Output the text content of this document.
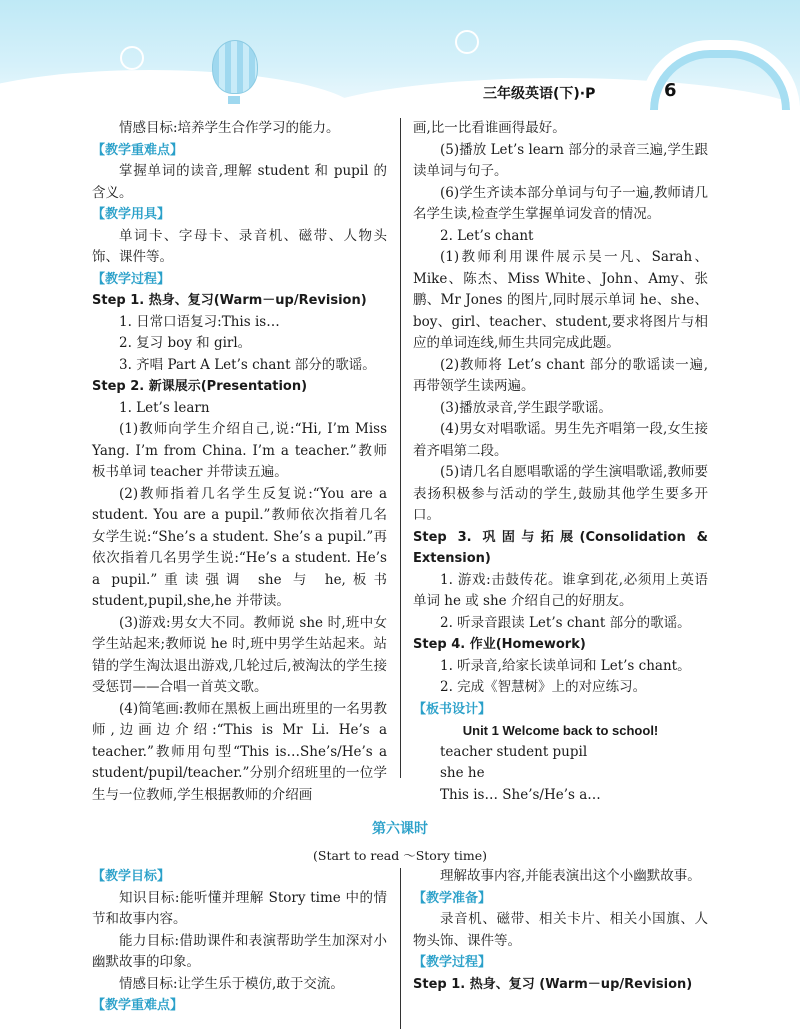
三年级英语(下)·P	6

情感目标:培养学生合作学习的能力。

【教学重难点】

掌握单词的读音,理解 student 和 pupil 的含义。

【教学用具】

单词卡、字母卡、录音机、磁带、人物头饰、课件等。

【教学过程】

Step 1. 热身、复习(Warm－up/Revision)

1. 日常口语复习:This is…

2. 复习 boy 和 girl。

3. 齐唱 Part A Let’s chant 部分的歌谣。

Step 2. 新课展示(Presentation)

1. Let’s learn

(1)教师向学生介绍自己,说:“Hi, I’m Miss Yang. I’m from China. I’m a teacher.”教师板书单词 teacher 并带读五遍。

(2)教师指着几名学生反复说:“You are a student. You are a pupil.”教师依次指着几名女学生说:“She’s a student. She’s a pupil.”再依次指着几名男学生说:“He’s a student. He’s a pupil.”重读强调 she 与 he,板书 student,pupil,she,he 并带读。

(3)游戏:男女大不同。教师说 she 时,班中女学生站起来;教师说 he 时,班中男学生站起来。站错的学生淘汰退出游戏,几轮过后,被淘汰的学生接受惩罚——合唱一首英文歌。

(4)简笔画:教师在黑板上画出班里的一名男教师,边画边介绍:“This is Mr Li. He’s a teacher.”教师用句型“This is…She’s/He’s a student/pupil/teacher.”分别介绍班里的一位学生与一位教师,学生根据教师的介绍画

画,比一比看谁画得最好。

(5)播放 Let’s learn 部分的录音三遍,学生跟读单词与句子。

(6)学生齐读本部分单词与句子一遍,教师请几名学生读,检查学生掌握单词发音的情况。

2. Let’s chant

(1)教师利用课件展示吴一凡、Sarah、Mike、陈杰、Miss White、John、Amy、张鹏、Mr Jones 的图片,同时展示单词 he、she、boy、girl、teacher、student,要求将图片与相应的单词连线,师生共同完成此题。

(2)教师将 Let’s chant 部分的歌谣读一遍,再带领学生读两遍。

(3)播放录音,学生跟学歌谣。

(4)男女对唱歌谣。男生先齐唱第一段,女生接着齐唱第二段。

(5)请几名自愿唱歌谣的学生演唱歌谣,教师要表扬积极参与活动的学生,鼓励其他学生要多开口。

Step 3. 巩固与拓展(Consolidation & Extension)

1. 游戏:击鼓传花。谁拿到花,必须用上英语单词 he 或 she 介绍自己的好朋友。

2. 听录音跟读 Let’s chant 部分的歌谣。

Step 4. 作业(Homework)

1. 听录音,给家长读单词和 Let’s chant。

2. 完成《智慧树》上的对应练习。

【板书设计】

Unit 1 Welcome back to school!

teacher student pupil

she he

This is… She’s/He’s a…

第六课时
(Start to read ～Story time)

【教学目标】

知识目标:能听懂并理解 Story time 中的情节和故事内容。

能力目标:借助课件和表演帮助学生加深对小幽默故事的印象。

情感目标:让学生乐于模仿,敢于交流。

【教学重难点】

理解故事内容,并能表演出这个小幽默故事。

【教学准备】

录音机、磁带、相关卡片、相关小国旗、人物头饰、课件等。

【教学过程】

Step 1. 热身、复习 (Warm－up/Revision)
